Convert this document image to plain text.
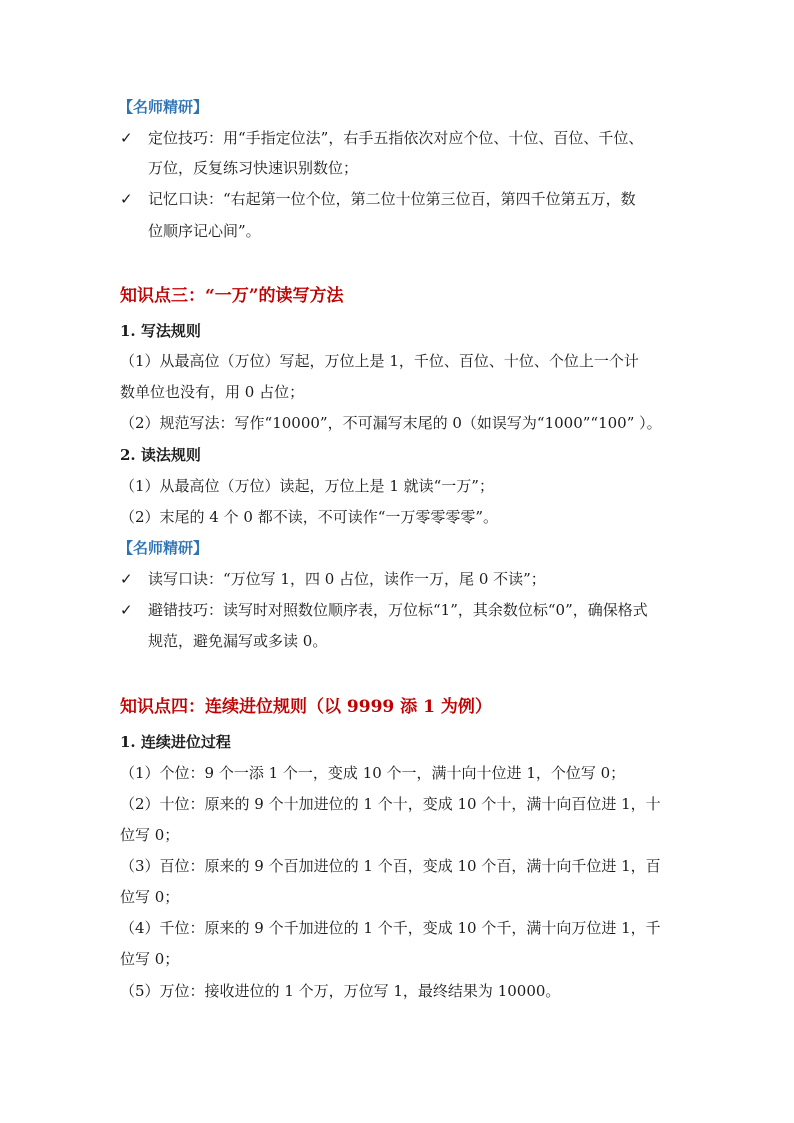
【名师精研】
✓ 定位技巧：用“手指定位法”，右手五指依次对应个位、十位、百位、千位、
万位，反复练习快速识别数位；
✓ 记忆口诀：“右起第一位个位，第二位十位第三位百，第四千位第五万，数
位顺序记心间”。
知识点三：“一万”的读写方法
1. 写法规则
（1）从最高位（万位）写起，万位上是 1，千位、百位、十位、个位上一个计
数单位也没有，用 0 占位；
（2）规范写法：写作“10000”，不可漏写末尾的 0（如误写为“1000”“100” ）。
2. 读法规则
（1）从最高位（万位）读起，万位上是 1 就读“一万”；
（2）末尾的 4 个 0 都不读，不可读作“一万零零零零”。
【名师精研】
✓ 读写口诀：“万位写 1，四 0 占位，读作一万，尾 0 不读”；
✓ 避错技巧：读写时对照数位顺序表，万位标“1”，其余数位标“0”，确保格式
规范，避免漏写或多读 0。
知识点四：连续进位规则（以 9999 添 1 为例）
1. 连续进位过程
（1）个位：9 个一添 1 个一，变成 10 个一，满十向十位进 1，个位写 0；
（2）十位：原来的 9 个十加进位的 1 个十，变成 10 个十，满十向百位进 1，十
位写 0；
（3）百位：原来的 9 个百加进位的 1 个百，变成 10 个百，满十向千位进 1，百
位写 0；
（4）千位：原来的 9 个千加进位的 1 个千，变成 10 个千，满十向万位进 1，千
位写 0；
（5）万位：接收进位的 1 个万，万位写 1，最终结果为 10000。
